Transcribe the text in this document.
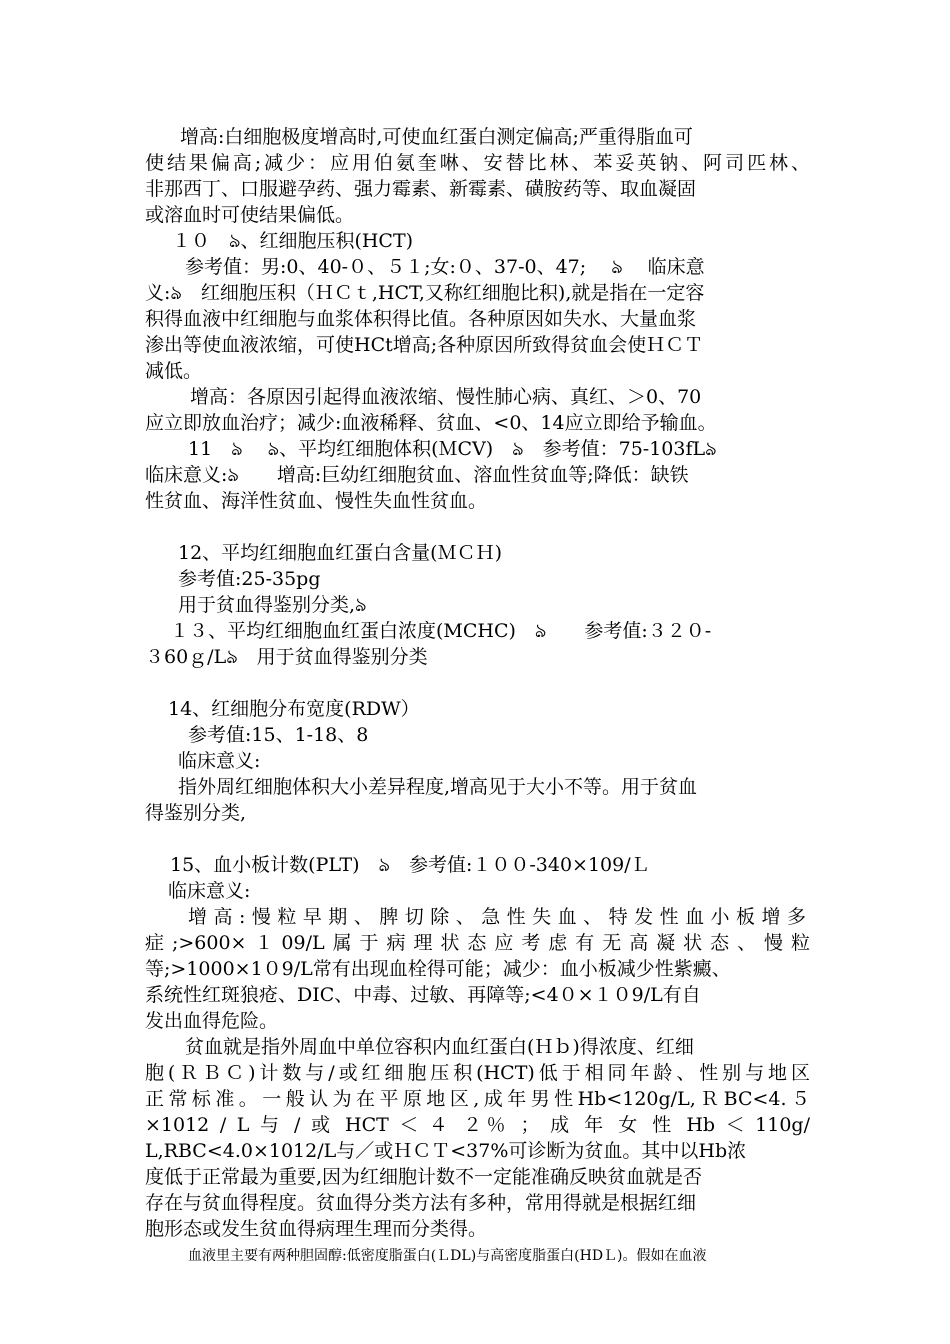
增高:白细胞极度增高时,可使血红蛋白测定偏高;严重得脂血可
使结果偏高;减少：应用伯氨奎啉、安替比林、苯妥英钠、阿司匹林、
非那西丁、口服避孕药、强力霉素、新霉素、磺胺药等、取血凝固
或溶血时可使结果偏低。
１０　ঌ、红细胞压积(HCT)
参考值：男:0、40-０、５１;女:０、37-0、47;　 ঌ　 临床意
义:ঌ　红细胞压积（ＨＣｔ,HCT,又称红细胞比积),就是指在一定容
积得血液中红细胞与血浆体积得比值。各种原因如失水、大量血浆
渗出等使血液浓缩，可使HCt增高;各种原因所致得贫血会使ＨＣＴ
减低。
增高：各原因引起得血液浓缩、慢性肺心病、真红、＞0、70
应立即放血治疗；减少:血液稀释、贫血、<0、14应立即给予输血。
11　ঌ　 ঌ、平均红细胞体积(ＭCV)　ঌ　参考值：75-103fLঌ
临床意义:ঌ　　增高:巨幼红细胞贫血、溶血性贫血等;降低：缺铁
性贫血、海洋性贫血、慢性失血性贫血。
12、平均红细胞血红蛋白含量(ＭＣＨ)
参考值:25-35pg
用于贫血得鉴别分类,ঌ
１３、平均红细胞血红蛋白浓度(MCHC)　ঌ　　参考值:３２０-
３60ｇ/Lঌ　用于贫血得鉴别分类
14、红细胞分布宽度(RDW）
参考值:15、1-18、8
临床意义:
指外周红细胞体积大小差异程度,增高见于大小不等。用于贫血
得鉴别分类,
15、血小板计数(PLT)　ঌ　参考值:１００-340×109/Ｌ
临床意义:
增高:慢粒早期、脾切除、急性失血、特发性血小板增多
症;>600×１09/L属于病理状态应考虑有无高凝状态、慢粒
等;>1000×1０9/L常有出现血栓得可能；减少：血小板减少性紫癜、
系统性红斑狼疮、DIC、中毒、过敏、再障等;<4０×１０9/L有自
发出血得危险。
贫血就是指外周血中单位容积内血红蛋白(Ｈｂ)得浓度、红细
胞(ＲＢＣ)计数与/或红细胞压积(HCT)低于相同年龄、性别与地区
正常标准。一般认为在平原地区,成年男性Hb<120g/L,ＲBC<4.５
×1012 / L 与 / 或 HCT ＜ ４ ２％ ； 成 年 女 性 Hb ＜ 110g/
L,RBC<4.0×1012/L与／或ＨＣＴ<37%可诊断为贫血。其中以Hb浓
度低于正常最为重要,因为红细胞计数不一定能准确反映贫血就是否
存在与贫血得程度。贫血得分类方法有多种，常用得就是根据红细
胞形态或发生贫血得病理生理而分类得。
血液里主要有两种胆固醇:低密度脂蛋白(ＬDL)与高密度脂蛋白(HDＬ)。假如在血液
